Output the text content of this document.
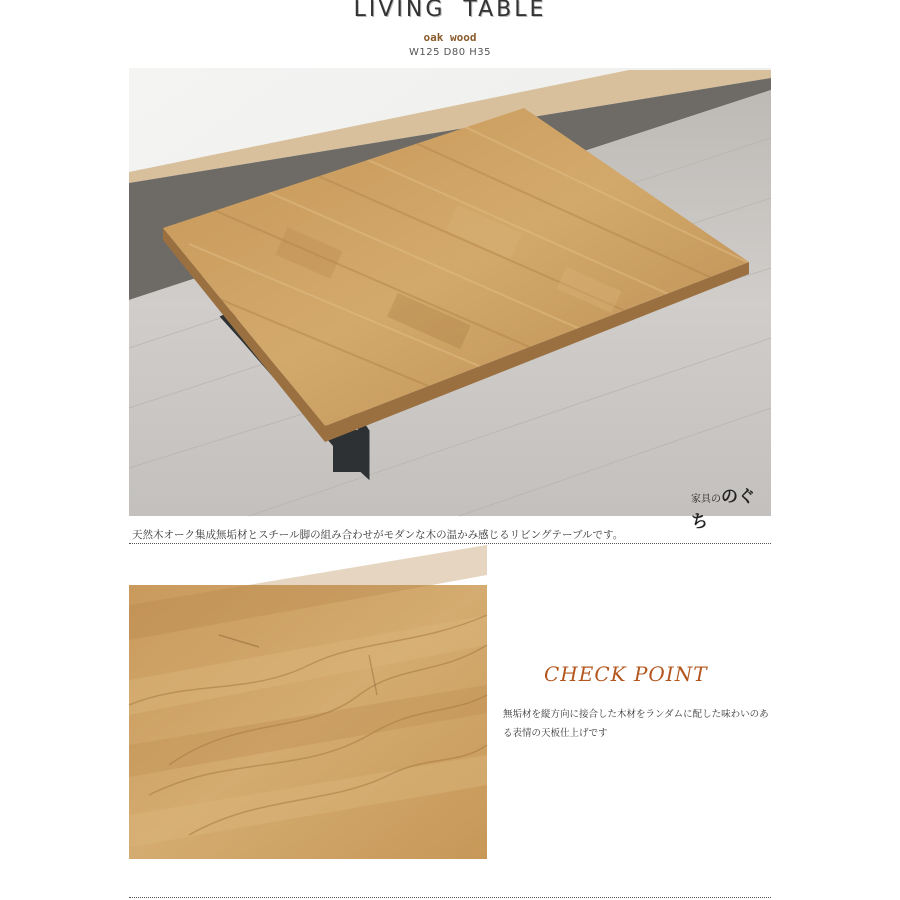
LIVING TABLE
oak wood
W125 D80 H35
家具ののぐち
天然木オーク集成無垢材とスチール脚の組み合わせがモダンな木の温かみ感じるリビングテーブルです。
CHECK POINT
無垢材を縦方向に接合した木材をランダムに配した味わいのある表情の天板仕上げです
